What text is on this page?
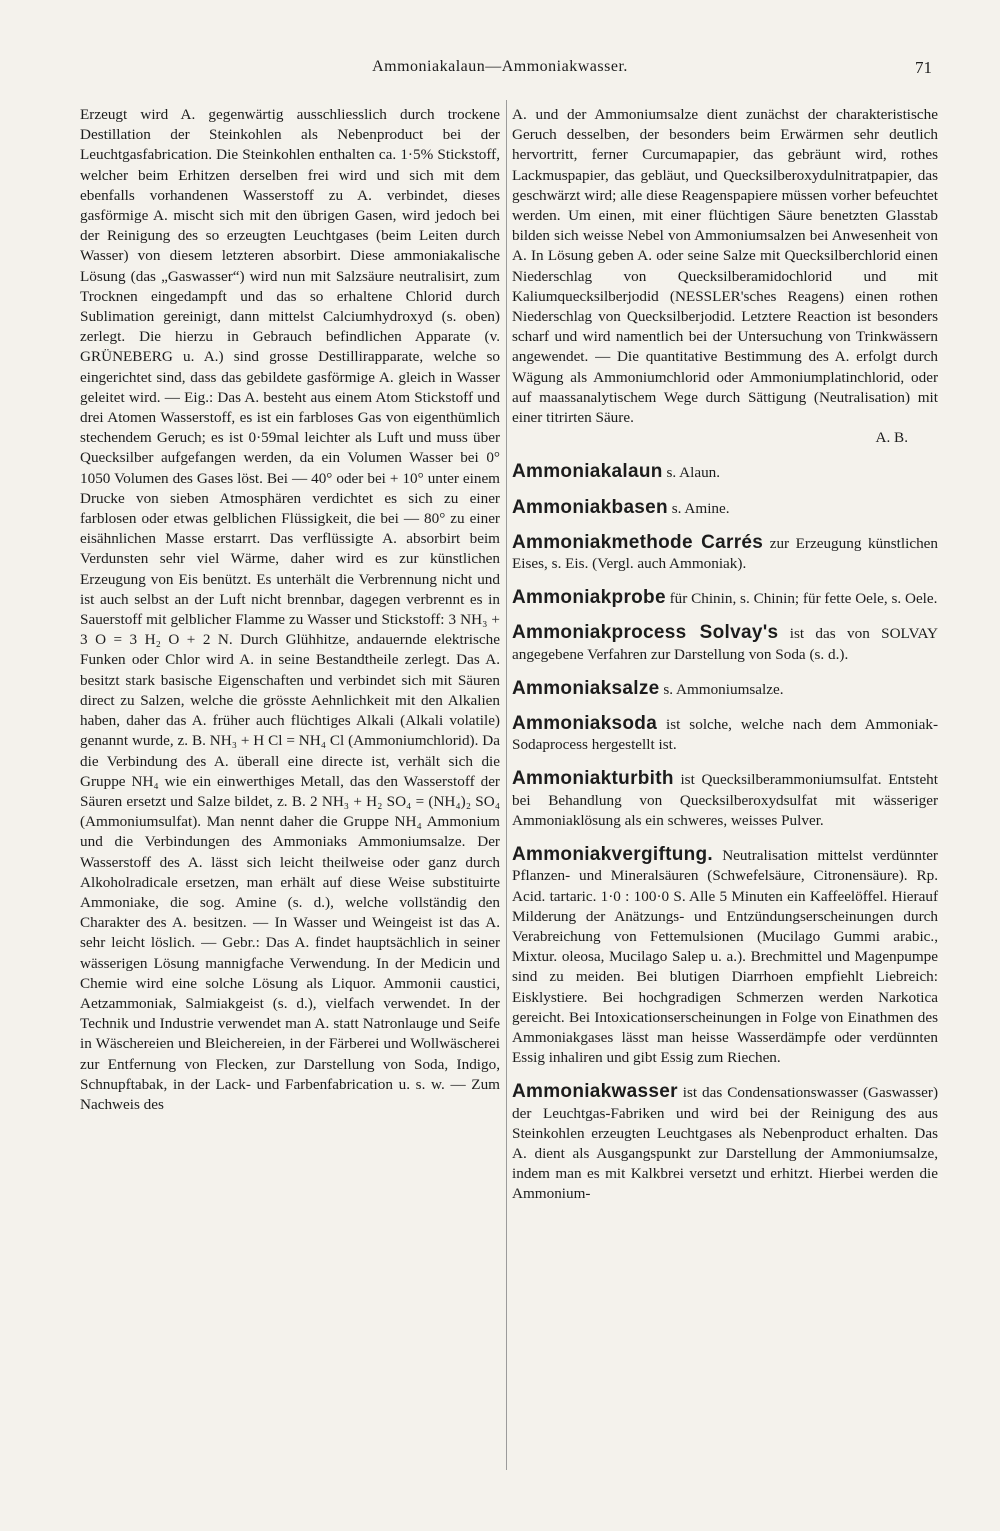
Ammoniakalaun—Ammoniakwasser.	71

Erzeugt wird A. gegenwärtig ausschliesslich durch trockene Destillation der Steinkohlen als Nebenproduct bei der Leuchtgasfabrication. Die Steinkohlen enthalten ca. 1·5% Stickstoff, welcher beim Erhitzen derselben frei wird und sich mit dem ebenfalls vorhandenen Wasserstoff zu A. verbindet, dieses gasförmige A. mischt sich mit den übrigen Gasen, wird jedoch bei der Reinigung des so erzeugten Leuchtgases (beim Leiten durch Wasser) von diesem letzteren absorbirt. Diese ammoniakalische Lösung (das „Gaswasser“) wird nun mit Salzsäure neutralisirt, zum Trocknen eingedampft und das so erhaltene Chlorid durch Sublimation gereinigt, dann mittelst Calciumhydroxyd (s. oben) zerlegt. Die hierzu in Gebrauch befindlichen Apparate (v. GRÜNEBERG u. A.) sind grosse Destillirapparate, welche so eingerichtet sind, dass das gebildete gasförmige A. gleich in Wasser geleitet wird. — Eig.: Das A. besteht aus einem Atom Stickstoff und drei Atomen Wasserstoff, es ist ein farbloses Gas von eigenthümlich stechendem Geruch; es ist 0·59mal leichter als Luft und muss über Quecksilber aufgefangen werden, da ein Volumen Wasser bei 0° 1050 Volumen des Gases löst. Bei — 40° oder bei + 10° unter einem Drucke von sieben Atmosphären verdichtet es sich zu einer farblosen oder etwas gelblichen Flüssigkeit, die bei — 80° zu einer eisähnlichen Masse erstarrt. Das verflüssigte A. absorbirt beim Verdunsten sehr viel Wärme, daher wird es zur künstlichen Erzeugung von Eis benützt. Es unterhält die Verbrennung nicht und ist auch selbst an der Luft nicht brennbar, dagegen verbrennt es in Sauerstoff mit gelblicher Flamme zu Wasser und Stickstoff: 3 NH₃ + 3 O = 3 H₂ O + 2 N. Durch Glühhitze, andauernde elektrische Funken oder Chlor wird A. in seine Bestandtheile zerlegt. Das A. besitzt stark basische Eigenschaften und verbindet sich mit Säuren direct zu Salzen, welche die grösste Aehnlichkeit mit den Alkalien haben, daher das A. früher auch flüchtiges Alkali (Alkali volatile) genannt wurde, z. B. NH₃ + H Cl = NH₄ Cl (Ammoniumchlorid). Da die Verbindung des A. überall eine directe ist, verhält sich die Gruppe NH₄ wie ein einwerthiges Metall, das den Wasserstoff der Säuren ersetzt und Salze bildet, z. B. 2 NH₃ + H₂ SO₄ = (NH₄)₂ SO₄ (Ammoniumsulfat). Man nennt daher die Gruppe NH₄ Ammonium und die Verbindungen des Ammoniaks Ammoniumsalze. Der Wasserstoff des A. lässt sich leicht theilweise oder ganz durch Alkoholradicale ersetzen, man erhält auf diese Weise substituirte Ammoniake, die sog. Amine (s. d.), welche vollständig den Charakter des A. besitzen. — In Wasser und Weingeist ist das A. sehr leicht löslich. — Gebr.: Das A. findet hauptsächlich in seiner wässerigen Lösung mannigfache Verwendung. In der Medicin und Chemie wird eine solche Lösung als Liquor. Ammonii caustici, Aetzammoniak, Salmiakgeist (s. d.), vielfach verwendet. In der Technik und Industrie verwendet man A. statt Natronlauge und Seife in Wäschereien und Bleichereien, in der Färberei und Wollwäscherei zur Entfernung von Flecken, zur Darstellung von Soda, Indigo, Schnupftabak, in der Lack- und Farbenfabrication u. s. w. — Zum Nachweis des

A. und der Ammoniumsalze dient zunächst der charakteristische Geruch desselben, der besonders beim Erwärmen sehr deutlich hervortritt, ferner Curcumapapier, das gebräunt wird, rothes Lackmuspapier, das gebläut, und Quecksilberoxydulnitratpapier, das geschwärzt wird; alle diese Reagenspapiere müssen vorher befeuchtet werden. Um einen, mit einer flüchtigen Säure benetzten Glasstab bilden sich weisse Nebel von Ammoniumsalzen bei Anwesenheit von A. In Lösung geben A. oder seine Salze mit Quecksilberchlorid einen Niederschlag von Quecksilberamidochlorid und mit Kaliumquecksilberjodid (NESSLER'sches Reagens) einen rothen Niederschlag von Quecksilberjodid. Letztere Reaction ist besonders scharf und wird namentlich bei der Untersuchung von Trinkwässern angewendet. — Die quantitative Bestimmung des A. erfolgt durch Wägung als Ammoniumchlorid oder Ammoniumplatinchlorid, oder auf maassanalytischem Wege durch Sättigung (Neutralisation) mit einer titrirten Säure.

A. B.

Ammoniakalaun s. Alaun.
Ammoniakbasen s. Amine.
Ammoniakmethode Carrés zur Erzeugung künstlichen Eises, s. Eis. (Vergl. auch Ammoniak).
Ammoniakprobe für Chinin, s. Chinin; für fette Oele, s. Oele.
Ammoniakprocess Solvay's ist das von SOLVAY angegebene Verfahren zur Darstellung von Soda (s. d.).
Ammoniaksalze s. Ammoniumsalze.
Ammoniaksoda ist solche, welche nach dem Ammoniak-Sodaprocess hergestellt ist.
Ammoniakturbith ist Quecksilberammoniumsulfat. Entsteht bei Behandlung von Quecksilberoxydsulfat mit wässeriger Ammoniaklösung als ein schweres, weisses Pulver.
Ammoniakvergiftung. Neutralisation mittelst verdünnter Pflanzen- und Mineralsäuren (Schwefelsäure, Citronensäure). Rp. Acid. tartaric. 1·0 : 100·0 S. Alle 5 Minuten ein Kaffeelöffel. Hierauf Milderung der Anätzungs- und Entzündungserscheinungen durch Verabreichung von Fettemulsionen (Mucilago Gummi arabic., Mixtur. oleosa, Mucilago Salep u. a.). Brechmittel und Magenpumpe sind zu meiden. Bei blutigen Diarrhoen empfiehlt Liebreich: Eisklystiere. Bei hochgradigen Schmerzen werden Narkotica gereicht. Bei Intoxicationserscheinungen in Folge von Einathmen des Ammoniakgases lässt man heisse Wasserdämpfe oder verdünnten Essig inhaliren und gibt Essig zum Riechen.
Ammoniakwasser ist das Condensationswasser (Gaswasser) der Leuchtgas-Fabriken und wird bei der Reinigung des aus Steinkohlen erzeugten Leuchtgases als Nebenproduct erhalten. Das A. dient als Ausgangspunkt zur Darstellung der Ammoniumsalze, indem man es mit Kalkbrei versetzt und erhitzt. Hierbei werden die Ammonium-
